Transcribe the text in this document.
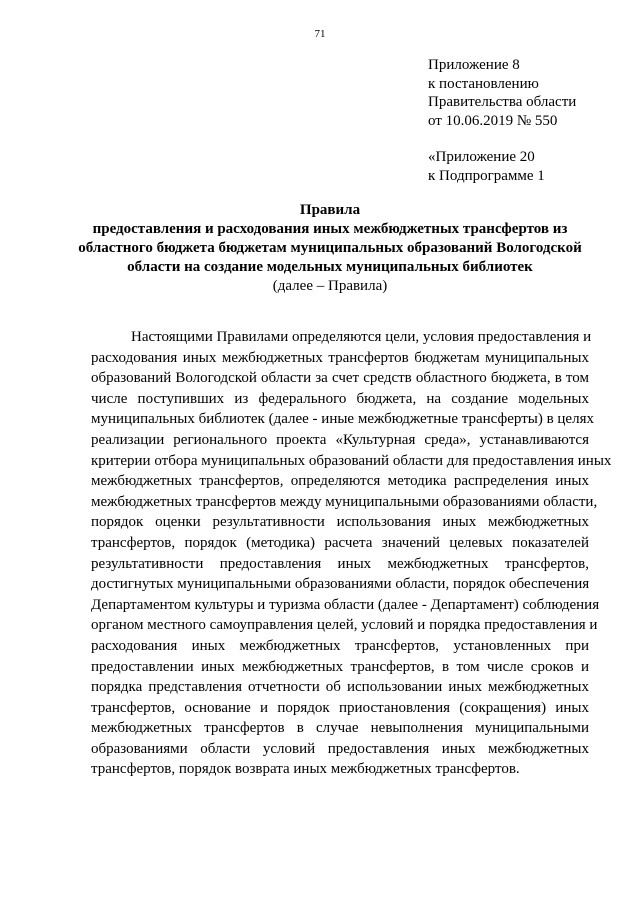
71
Приложение 8
к постановлению
Правительства области
от 10.06.2019 № 550
«Приложение 20
к Подпрограмме 1
Правила
предоставления и расходования иных межбюджетных трансфертов из
областного бюджета бюджетам муниципальных образований Вологодской
области на создание модельных муниципальных библиотек
(далее – Правила)
Настоящими Правилами определяются цели, условия предоставления и
расходования иных межбюджетных трансфертов бюджетам муниципальных
образований Вологодской области за счет средств областного бюджета, в том
числе поступивших из федерального бюджета, на создание модельных
муниципальных библиотек (далее - иные межбюджетные трансферты) в целях
реализации регионального проекта «Культурная среда», устанавливаются
критерии отбора муниципальных образований области для предоставления иных
межбюджетных трансфертов, определяются методика распределения иных
межбюджетных трансфертов между муниципальными образованиями области,
порядок оценки результативности использования иных межбюджетных
трансфертов, порядок (методика) расчета значений целевых показателей
результативности предоставления иных межбюджетных трансфертов,
достигнутых муниципальными образованиями области, порядок обеспечения
Департаментом культуры и туризма области (далее - Департамент) соблюдения
органом местного самоуправления целей, условий и порядка предоставления и
расходования иных межбюджетных трансфертов, установленных при
предоставлении иных межбюджетных трансфертов, в том числе сроков и
порядка представления отчетности об использовании иных межбюджетных
трансфертов, основание и порядок приостановления (сокращения) иных
межбюджетных трансфертов в случае невыполнения муниципальными
образованиями области условий предоставления иных межбюджетных
трансфертов, порядок возврата иных межбюджетных трансфертов.
